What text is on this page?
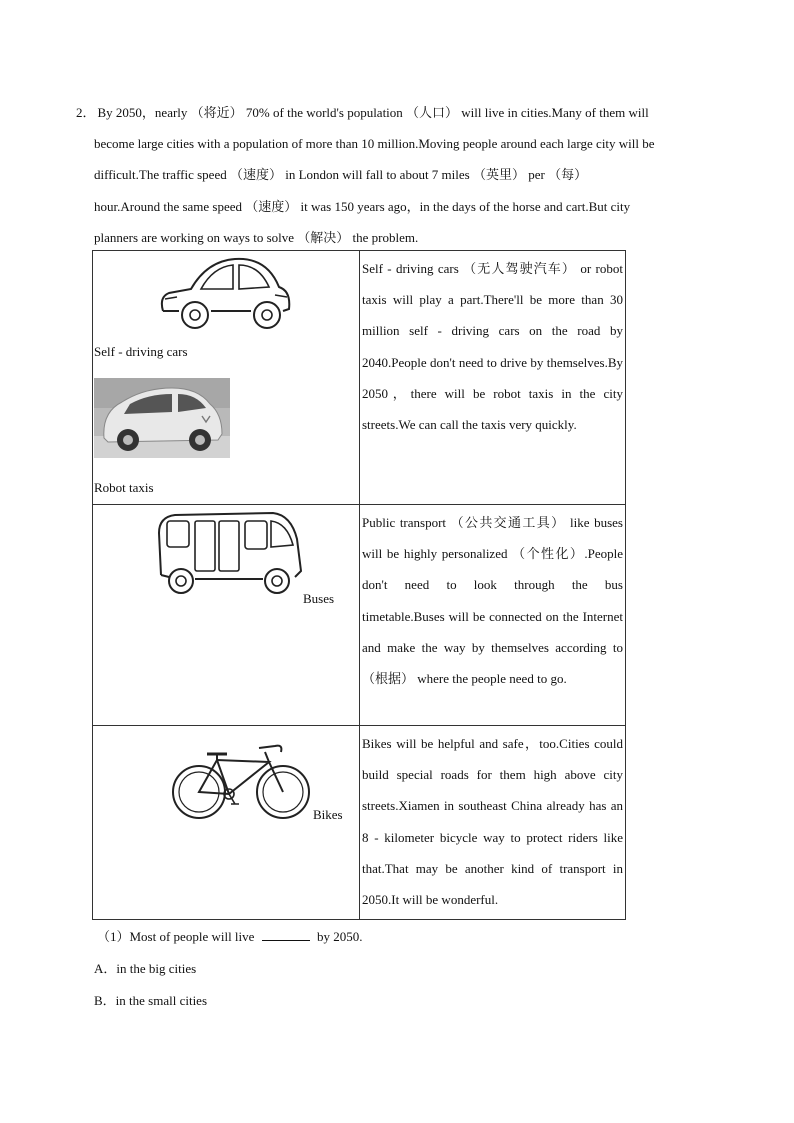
2． By 2050，nearly （将近） 70% of the world's population （人口） will live in cities.Many of them will
become large cities with a population of more than 10 million.Moving people around each large city will be
difficult.The traffic speed （速度） in London will fall to about 7 miles （英里） per （每）
hour.Around the same speed （速度） it was 150 years ago，in the days of the horse and cart.But city
planners are working on ways to solve （解决） the problem.
Self - driving cars
Robot taxis	Self - driving cars （无人驾驶汽车） or robot taxis will play a part.There'll be more than 30 million self - driving cars on the road by 2040.People don't need to drive by themselves.By 2050，there will be robot taxis in the city streets.We can call the taxis very quickly.

Buses	Public transport （公共交通工具） like buses will be highly personalized （个性化）.People don't need to look through the bus timetable.Buses will be connected on the Internet and make the way by themselves according to （根据） where the people need to go.

Bikes	Bikes will be helpful and safe，too.Cities could build special roads for them high above city streets.Xiamen in southeast China already has an 8 - kilometer bicycle way to protect riders like that.That may be another kind of transport in 2050.It will be wonderful.
（1）Most of people will live	by 2050.
A．in the big cities
B．in the small cities
